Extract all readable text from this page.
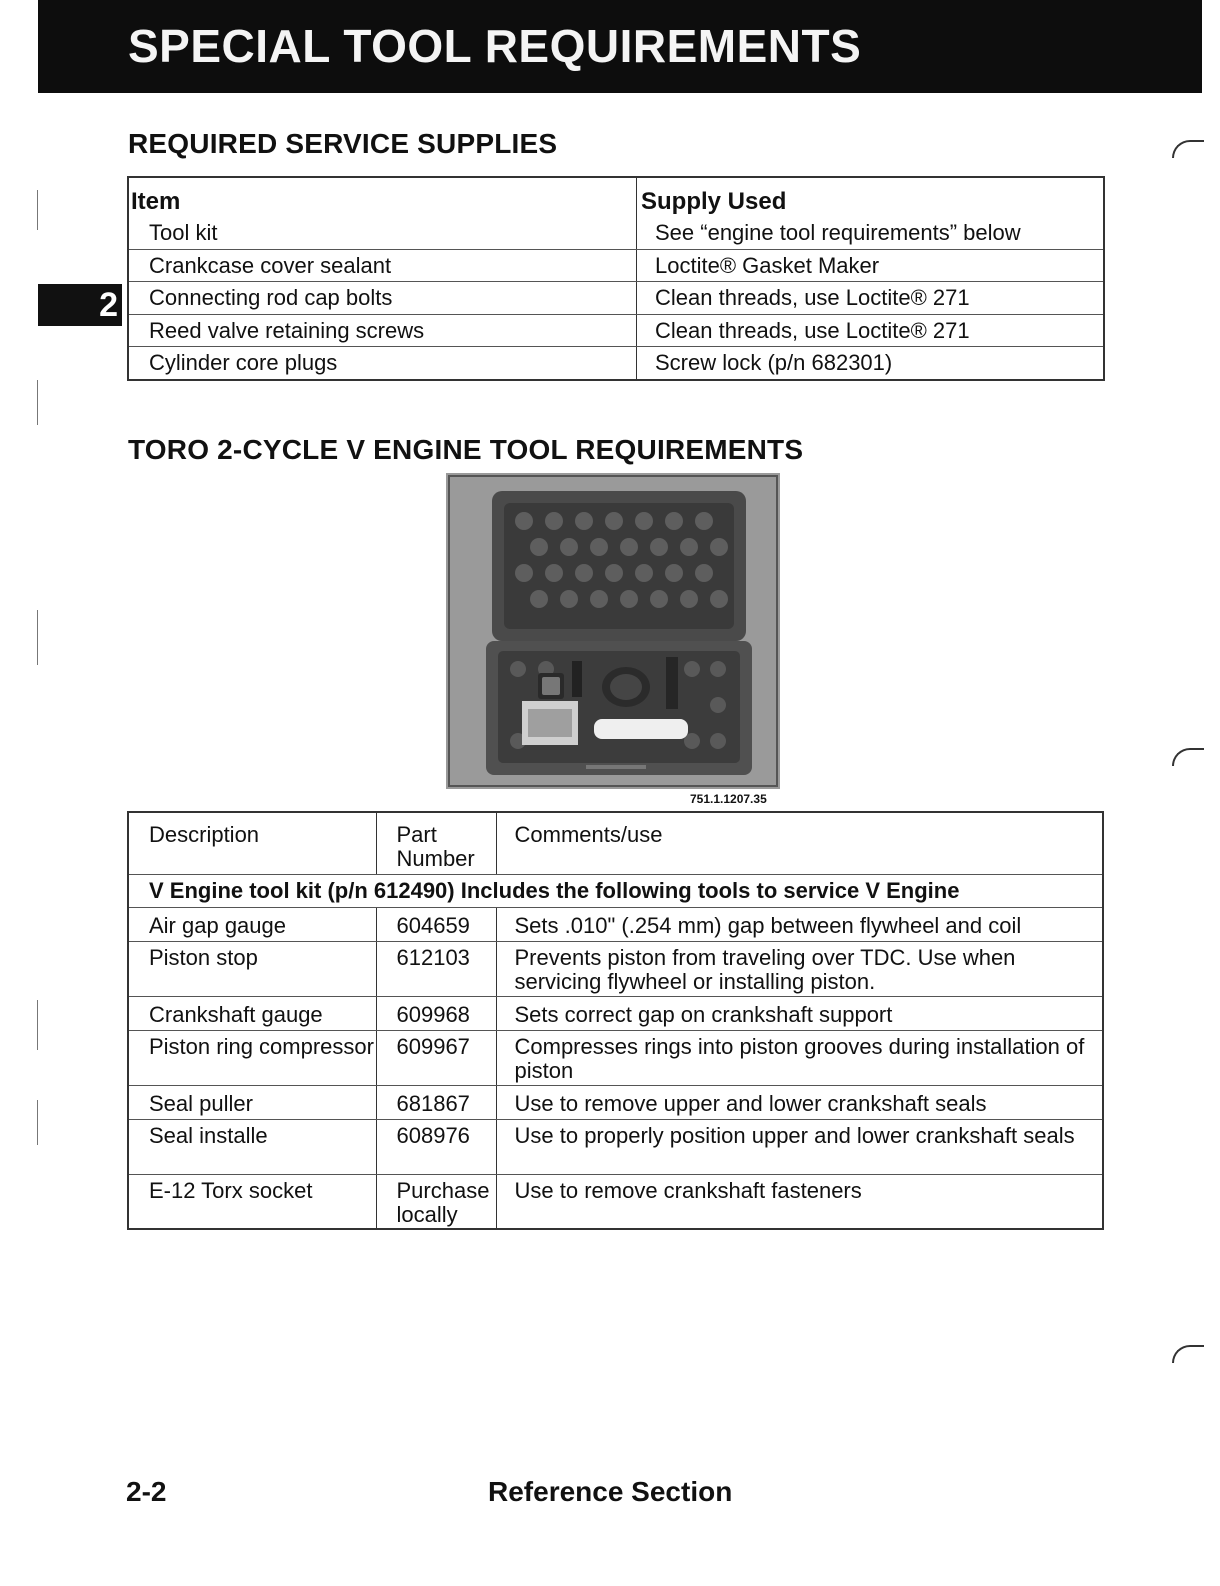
SPECIAL TOOL REQUIREMENTS
2
REQUIRED SERVICE SUPPLIES
Item	Supply Used
Tool kit	See “engine tool requirements” below
Crankcase cover sealant	Loctite® Gasket Maker
Connecting rod cap bolts	Clean threads, use Loctite® 271
Reed valve retaining screws	Clean threads, use Loctite® 271
Cylinder core plugs	Screw lock (p/n 682301)
TORO 2-CYCLE V ENGINE TOOL REQUIREMENTS
751.1.1207.35
Description	Part Number	Comments/use
V Engine tool kit (p/n 612490) Includes the following tools to service V Engine		
Air gap gauge	604659	Sets .010" (.254 mm) gap between flywheel and coil
Piston stop	612103	Prevents piston from traveling over TDC. Use when servicing flywheel or installing piston.
Crankshaft gauge	609968	Sets correct gap on crankshaft support
Piston ring compressor	609967	Compresses rings into piston grooves during installation of piston
Seal puller	681867	Use to remove upper and lower crankshaft seals
Seal installe	608976	Use to properly position upper and lower crankshaft seals
E-12 Torx socket	Purchase locally	Use to remove crankshaft fasteners
2-2	Reference Section
